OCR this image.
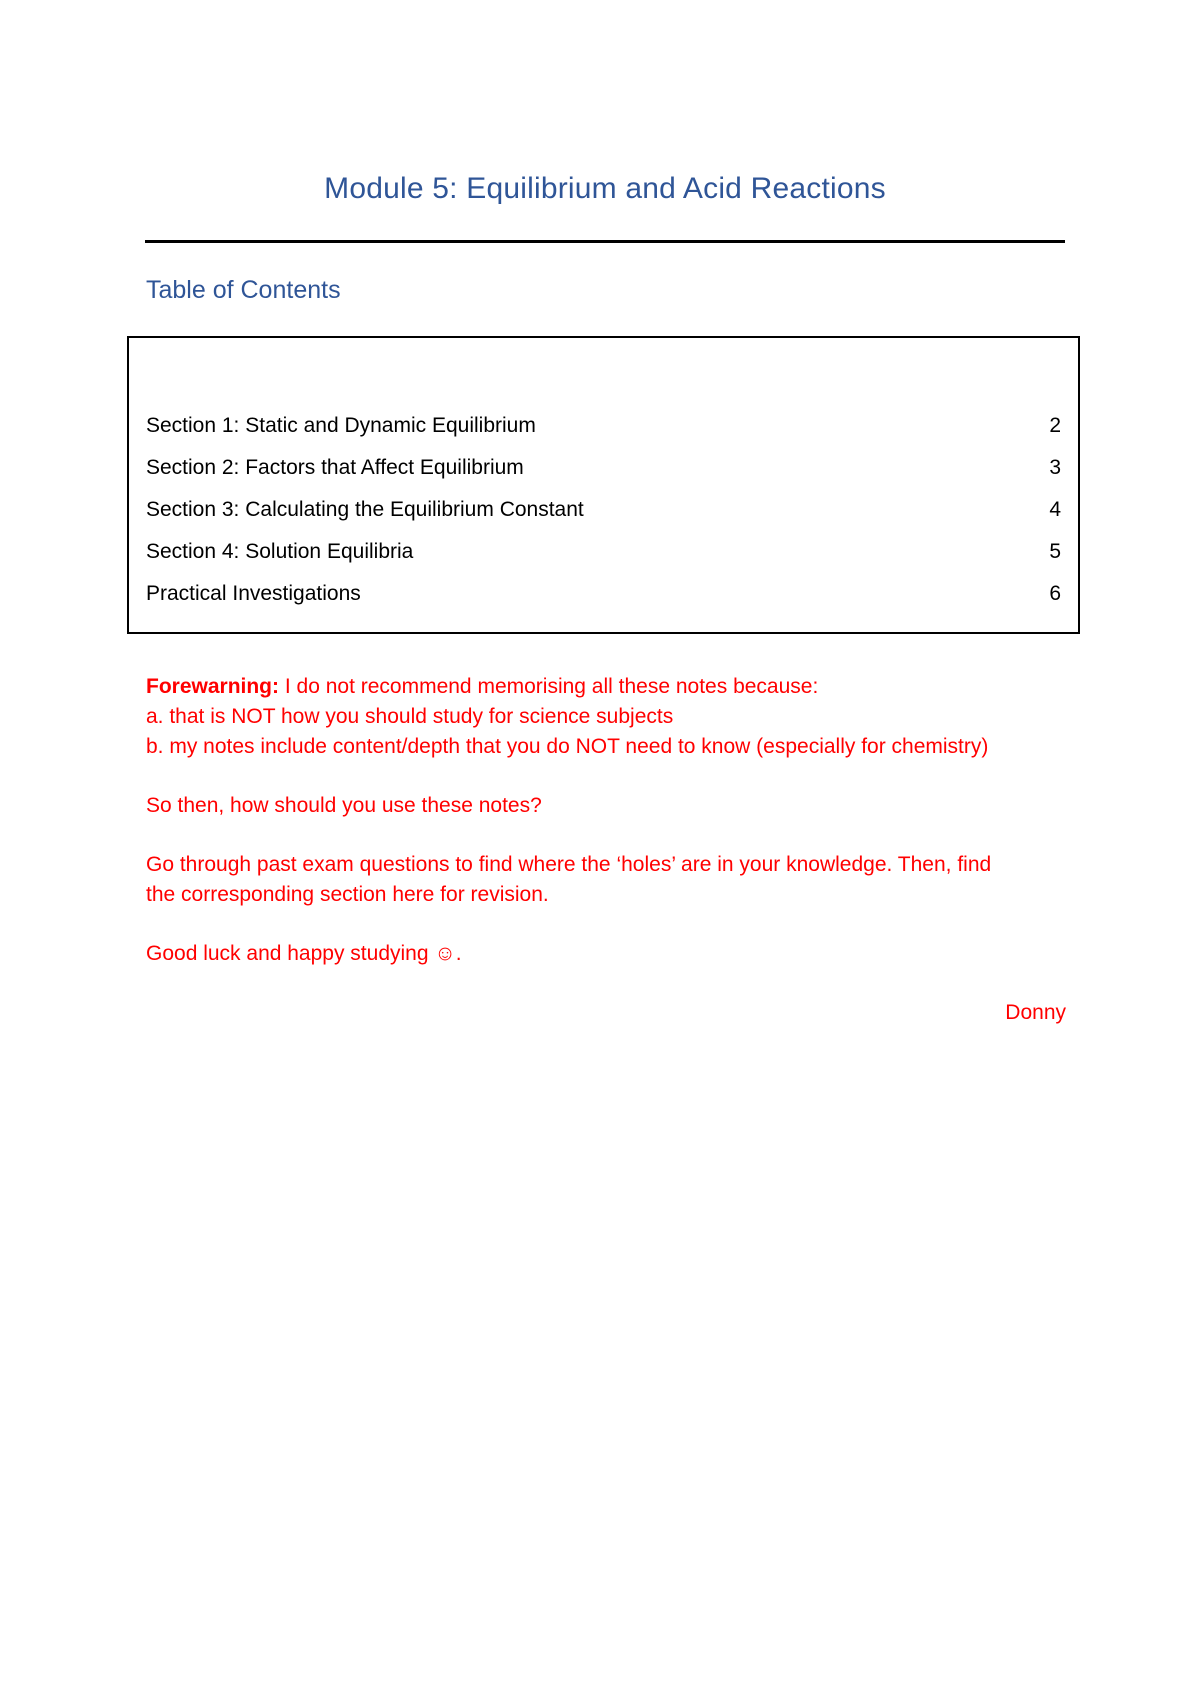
Module 5: Equilibrium and Acid Reactions
Table of Contents
Section 1: Static and Dynamic Equilibrium	2
Section 2: Factors that Affect Equilibrium	3
Section 3: Calculating the Equilibrium Constant	4
Section 4: Solution Equilibria	5
Practical Investigations	6

Forewarning: I do not recommend memorising all these notes because:

a. that is NOT how you should study for science subjects

b. my notes include content/depth that you do NOT need to know (especially for chemistry)

So then, how should you use these notes?

Go through past exam questions to find where the ‘holes’ are in your knowledge. Then, find

the corresponding section here for revision.

Good luck and happy studying ☺.

Donny
